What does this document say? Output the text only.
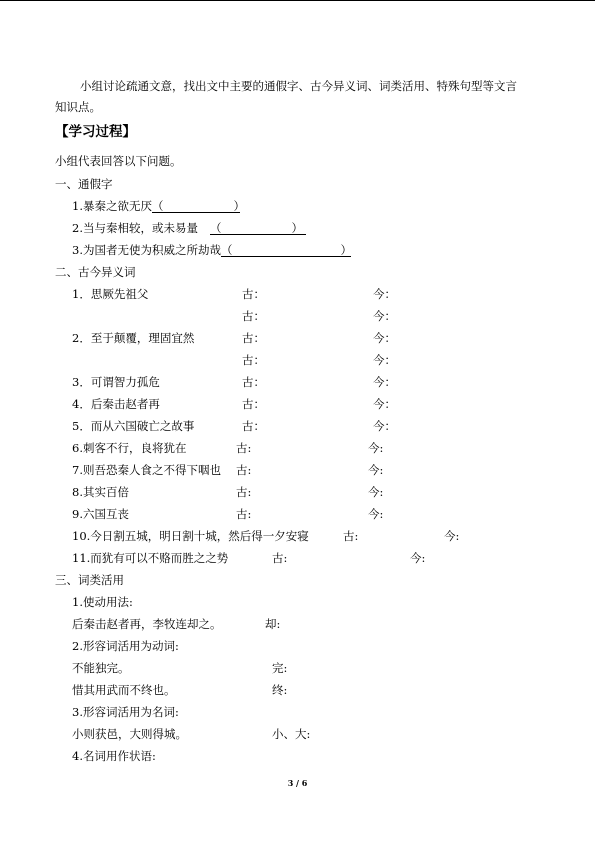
小组讨论疏通文意，找出文中主要的通假字、古今异义词、词类活用、特殊句型等文言
知识点。
【学习过程】
小组代表回答以下问题。
一、通假字
1.暴秦之欲无厌（	）
2.当与秦相较，或未易量 （	）
3.为国者无使为积威之所劫哉（	）
二、古今异义词
1．思厥先祖父	古：	今：
古：	今：
2．至于颠覆，理固宜然	古：	今：
古：	今：
3．可谓智力孤危	古：	今：
4．后秦击赵者再	古：	今：
5．而从六国破亡之故事	古：	今：
6.刺客不行，良将犹在	古:	今:
7.则吾恐秦人食之不得下咽也 古:	今:
8.其实百倍	古:	今:
9.六国互丧	古:	今:
10.今日割五城，明日割十城，然后得一夕安寝	古:	今:
11.而犹有可以不赂而胜之之势	古:	今:
三、词类活用
1.使动用法:
后秦击赵者再，李牧连却之。	却:
2.形容词活用为动词:
不能独完。	完:
惜其用武而不终也。	终:
3.形容词活用为名词:
小则获邑，大则得城。	小、大:
4.名词用作状语:
3 / 6
